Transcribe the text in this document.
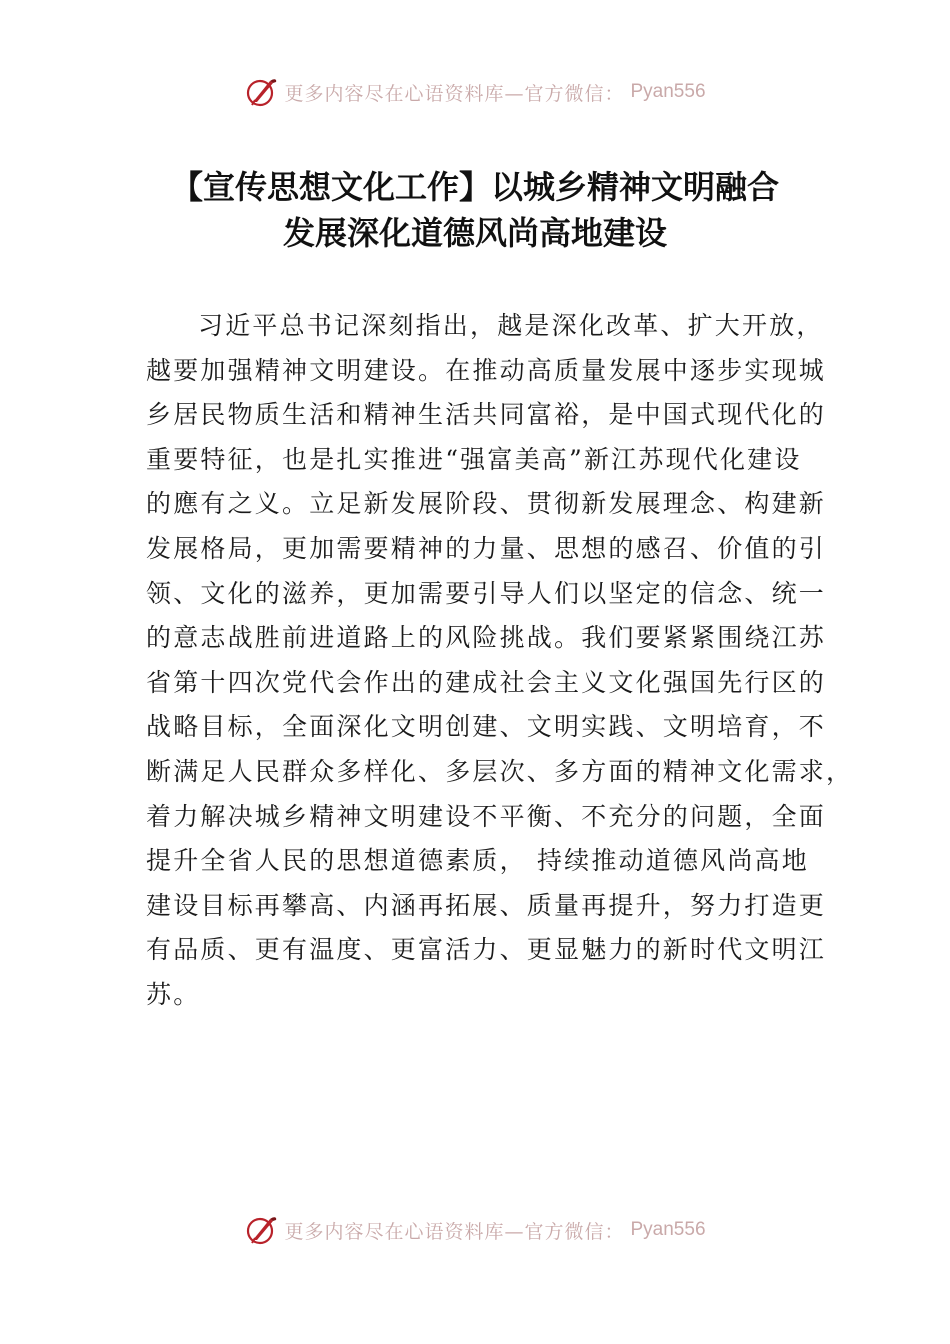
更多内容尽在心语资料库—官方微信： Pyan556
【宣传思想文化工作】以城乡精神文明融合
发展深化道德风尚高地建设
习近平总书记深刻指出，越是深化改革、扩大开放，
越要加强精神文明建设。在推动高质量发展中逐步实现城
乡居民物质生活和精神生活共同富裕，是中国式现代化的
重要特征，也是扎实推进“强富美高”新江苏现代化建设
的應有之义。立足新发展阶段、贯彻新发展理念、构建新
发展格局，更加需要精神的力量、思想的感召、价值的引
领、文化的滋养，更加需要引导人们以坚定的信念、统一
的意志战胜前进道路上的风险挑战。我们要紧紧围绕江苏
省第十四次党代会作出的建成社会主义文化强国先行区的
战略目标，全面深化文明创建、文明实践、文明培育，不
断满足人民群众多样化、多层次、多方面的精神文化需求，
着力解决城乡精神文明建设不平衡、不充分的问题，全面
提升全省人民的思想道德素质， 持续推动道德风尚高地
建设目标再攀高、内涵再拓展、质量再提升，努力打造更
有品质、更有温度、更富活力、更显魅力的新时代文明江
苏。
更多内容尽在心语资料库—官方微信： Pyan556
